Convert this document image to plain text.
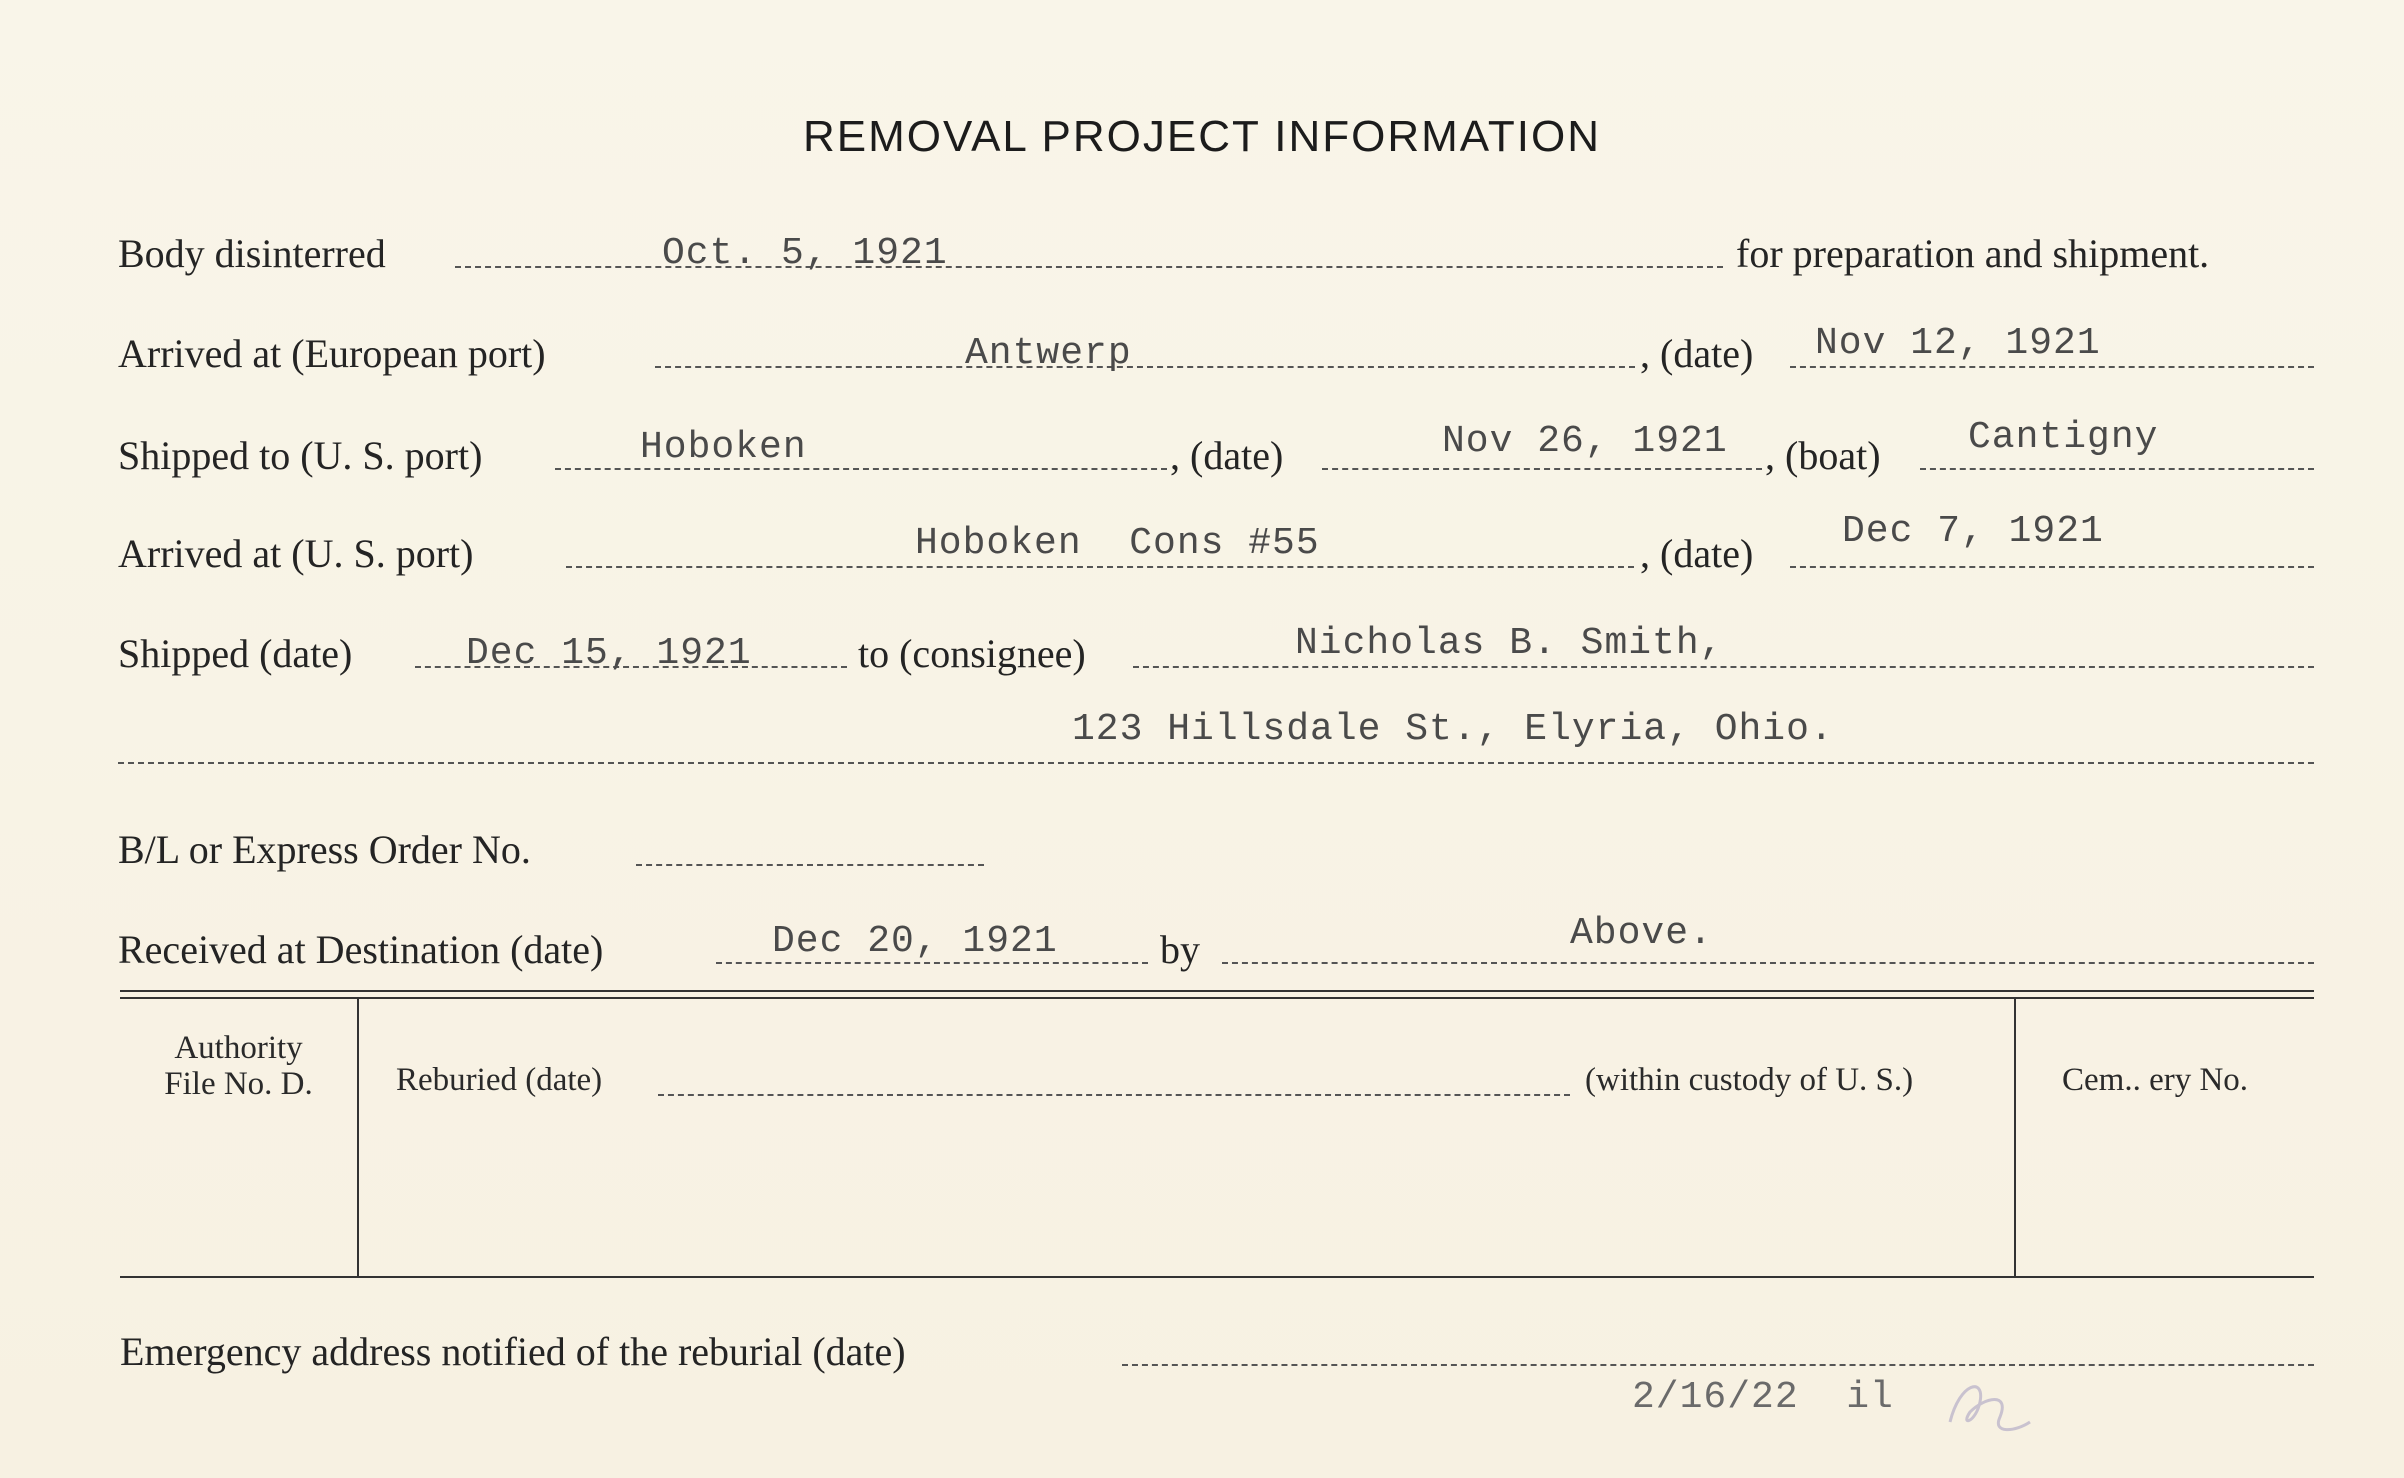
REMOVAL PROJECT INFORMATION
Body disinterred	Oct. 5, 1921	for preparation and shipment.
Arrived at (European port)	Antwerp	, (date) Nov 12, 1921
Shipped to (U. S. port)	Hoboken	, (date)	Nov 26, 1921 , (boat) Cantigny
Arrived at (U. S. port)	Hoboken  Cons #55	, (date) Dec 7, 1921
Shipped (date)	Dec 15, 1921	to (consignee)	Nicholas B. Smith,
123 Hillsdale St., Elyria, Ohio.
B/L or Express Order No.
Received at Destination (date)	Dec 20, 1921	by	Above.
Authority
File No. D.	Reburied (date)	(within custody of U. S.)	Cem.. ery No.
Emergency address notified of the reburial (date)
2/16/22  il
